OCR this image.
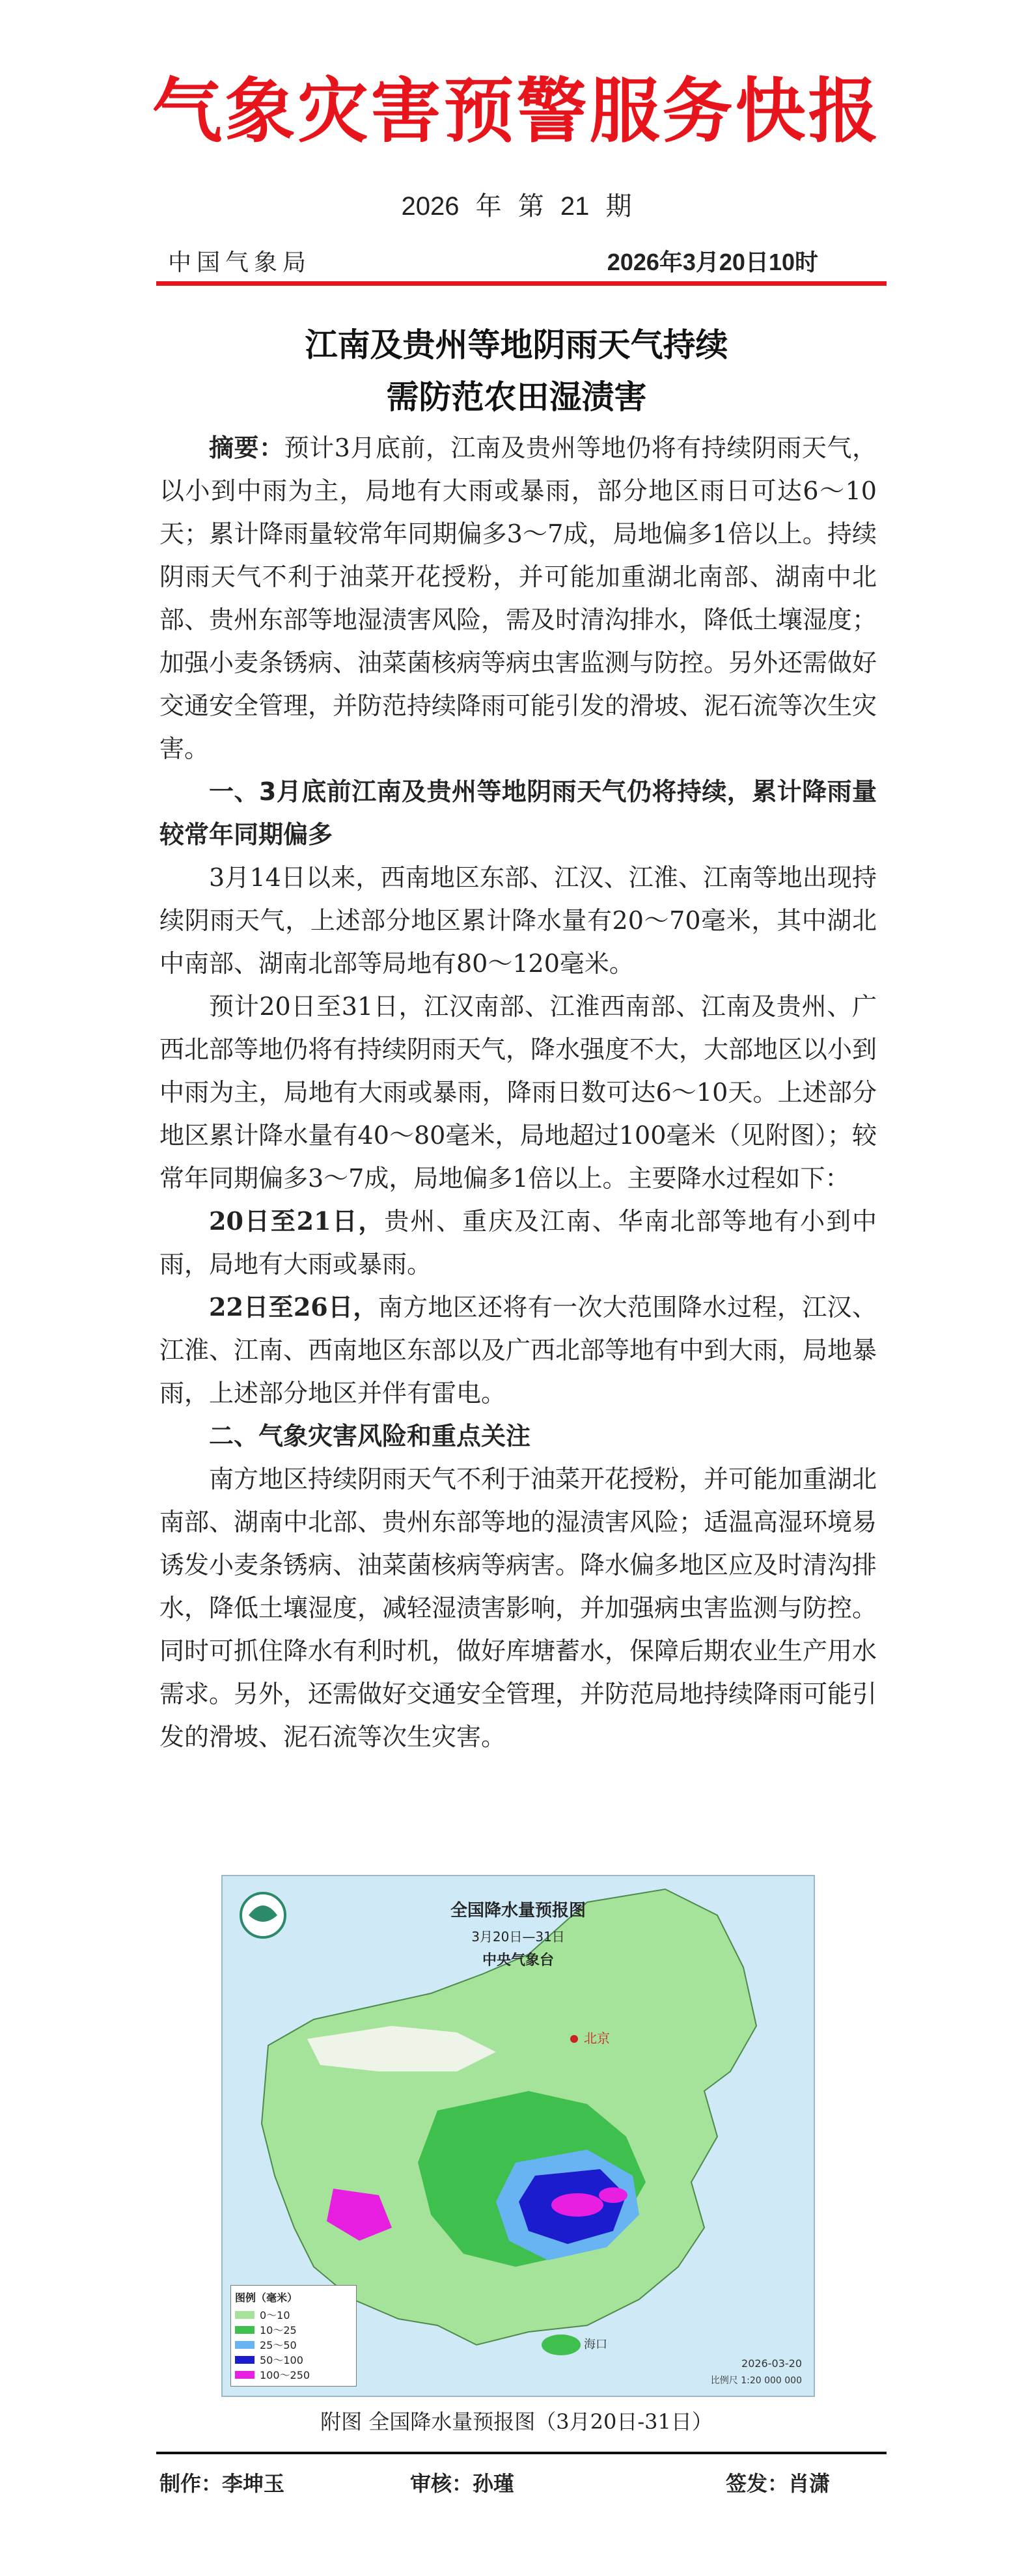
气象灾害预警服务快报
2026 年 第 21 期
中国气象局	2026年3月20日10时
江南及贵州等地阴雨天气持续
需防范农田湿渍害

摘要：预计3月底前，江南及贵州等地仍将有持续阴雨天气，以小到中雨为主，局地有大雨或暴雨，部分地区雨日可达6～10天；累计降雨量较常年同期偏多3～7成，局地偏多1倍以上。持续阴雨天气不利于油菜开花授粉，并可能加重湖北南部、湖南中北部、贵州东部等地湿渍害风险，需及时清沟排水，降低土壤湿度；加强小麦条锈病、油菜菌核病等病虫害监测与防控。另外还需做好交通安全管理，并防范持续降雨可能引发的滑坡、泥石流等次生灾害。

一、3月底前江南及贵州等地阴雨天气仍将持续，累计降雨量较常年同期偏多

3月14日以来，西南地区东部、江汉、江淮、江南等地出现持续阴雨天气，上述部分地区累计降水量有20～70毫米，其中湖北中南部、湖南北部等局地有80～120毫米。

预计20日至31日，江汉南部、江淮西南部、江南及贵州、广西北部等地仍将有持续阴雨天气，降水强度不大，大部地区以小到中雨为主，局地有大雨或暴雨，降雨日数可达6～10天。上述部分地区累计降水量有40～80毫米，局地超过100毫米（见附图）；较常年同期偏多3～7成，局地偏多1倍以上。主要降水过程如下：

20日至21日，贵州、重庆及江南、华南北部等地有小到中雨，局地有大雨或暴雨。

22日至26日，南方地区还将有一次大范围降水过程，江汉、江淮、江南、西南地区东部以及广西北部等地有中到大雨，局地暴雨，上述部分地区并伴有雷电。

二、气象灾害风险和重点关注

南方地区持续阴雨天气不利于油菜开花授粉，并可能加重湖北南部、湖南中北部、贵州东部等地的湿渍害风险；适温高湿环境易诱发小麦条锈病、油菜菌核病等病害。降水偏多地区应及时清沟排水，降低土壤湿度，减轻湿渍害影响，并加强病虫害监测与防控。同时可抓住降水有利时机，做好库塘蓄水，保障后期农业生产用水需求。另外，还需做好交通安全管理，并防范局地持续降雨可能引发的滑坡、泥石流等次生灾害。

北京
海口
全国降水量预报图
3月20日—31日
中央气象台
图例（毫米）
0～10
10～25
25～50
50～100
100～250
2026-03-20
比例尺 1:20 000 000
附图 全国降水量预报图（3月20日-31日）
制作：李坤玉	审核：孙瑾	签发：肖潇
